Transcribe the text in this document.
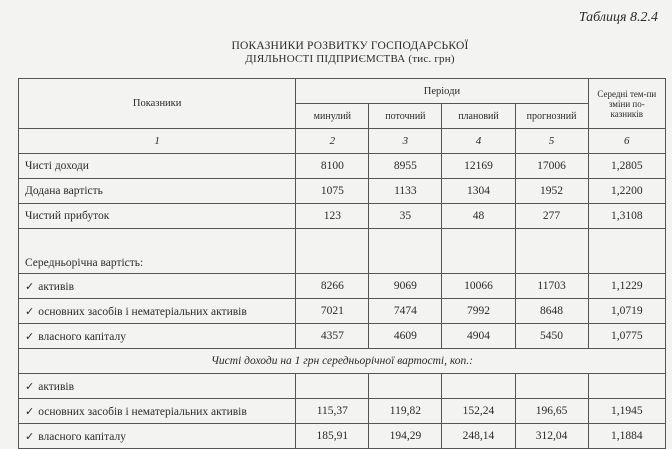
Таблиця 8.2.4
ПОКАЗНИКИ РОЗВИТКУ ГОСПОДАРСЬКОЇ
ДІЯЛЬНОСТІ ПІДПРИЄМСТВА (тис. грн)
Показники	Періоди				Середні тем-пи зміни по-казників
	минулий	поточний	плановий	прогнозний	
1	2	3	4	5	6
Чисті доходи	8100	8955	12169	17006	1,2805
Додана вартість	1075	1133	1304	1952	1,2200
Чистий прибуток	123	35	48	277	1,3108
Середньорічна вартість:					
✓ активів	8266	9069	10066	11703	1,1229
✓ основних засобів і нематеріальних активів	7021	7474	7992	8648	1,0719
✓ власного капіталу	4357	4609	4904	5450	1,0775
Чисті доходи на 1 грн середньорічної вартості, коп.:					
✓ активів					
✓ основних засобів і нематеріальних активів	115,37	119,82	152,24	196,65	1,1945
✓ власного капіталу	185,91	194,29	248,14	312,04	1,1884
